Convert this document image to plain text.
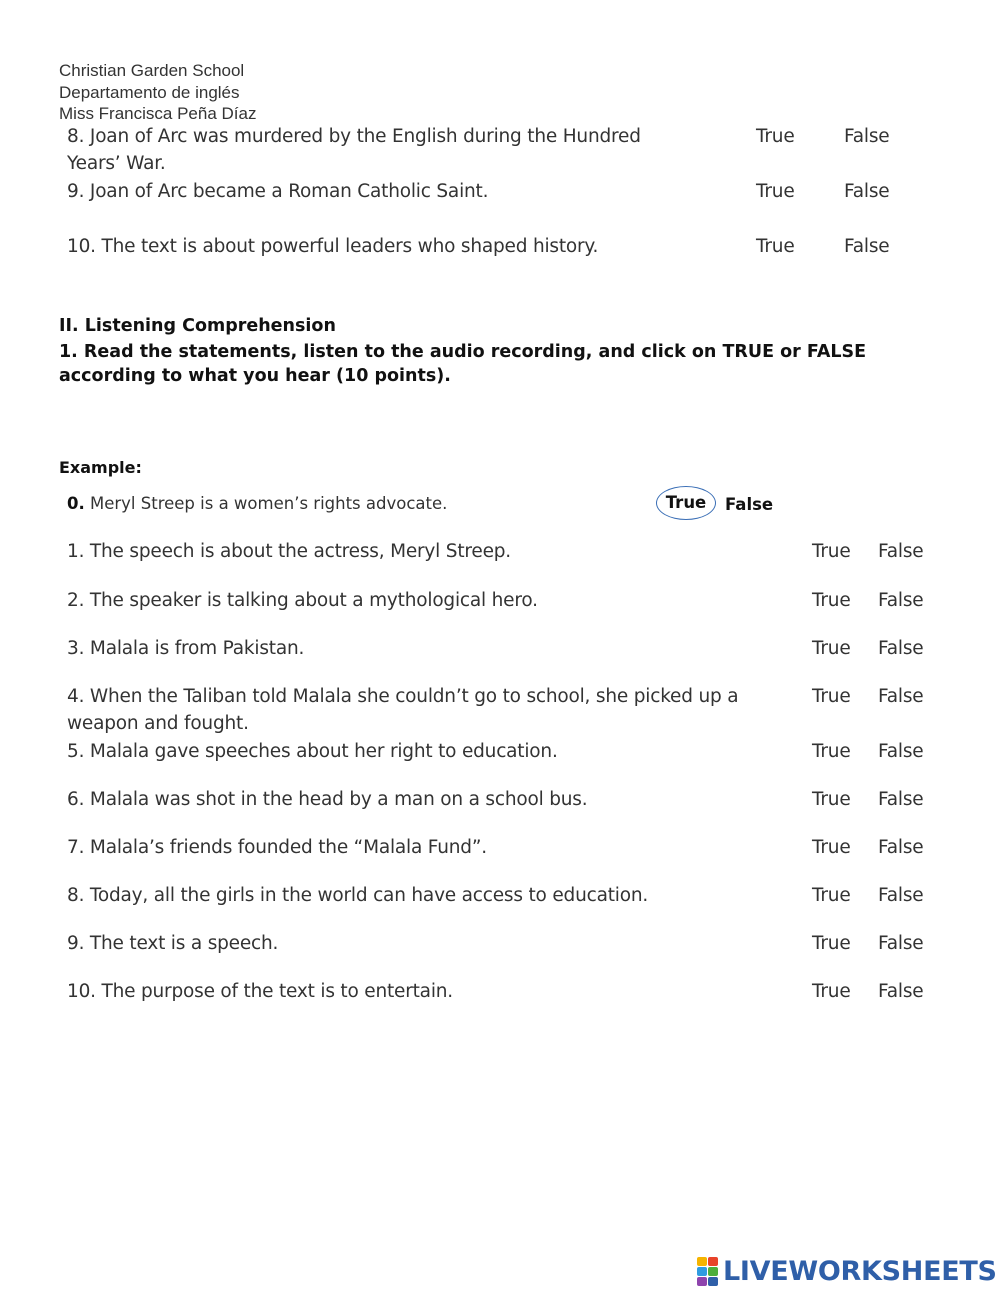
Christian Garden School
Departamento de inglés
Miss Francisca Peña Díaz
8. Joan of Arc was murdered by the English during the Hundred
Years’ War.
True	False
9. Joan of Arc became a Roman Catholic Saint.	True	False
10. The text is about powerful leaders who shaped history.	True	False
II. Listening Comprehension
1. Read the statements, listen to the audio recording, and click on TRUE or FALSE according to what you hear (10 points).
Example:
0. Meryl Streep is a women’s rights advocate.	True	False
1. The speech is about the actress, Meryl Streep.	True False
2. The speaker is talking about a mythological hero.	True False
3. Malala is from Pakistan.	True False
4. When the Taliban told Malala she couldn’t go to school, she picked up a
weapon and fought.
True False
5. Malala gave speeches about her right to education.	True False
6. Malala was shot in the head by a man on a school bus.	True False
7. Malala’s friends founded the “Malala Fund”.	True False
8. Today, all the girls in the world can have access to education.	True False
9. The text is a speech.	True False
10. The purpose of the text is to entertain.	True False
LIVEWORKSHEETS
